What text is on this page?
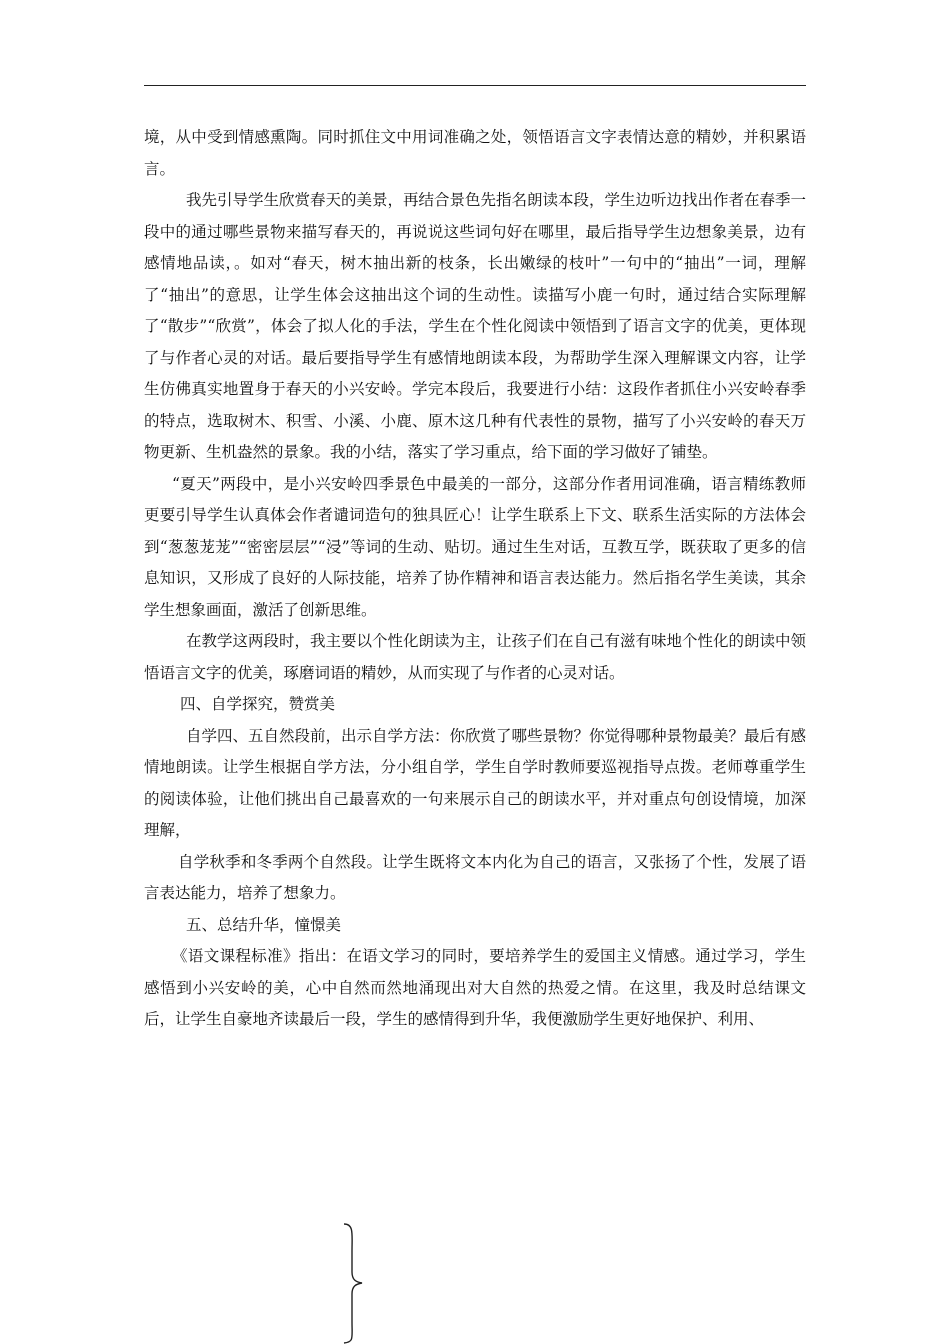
境，从中受到情感熏陶。同时抓住文中用词准确之处，领悟语言文字表情达意的精妙，并积累语言。

我先引导学生欣赏春天的美景，再结合景色先指名朗读本段，学生边听边找出作者在春季一段中的通过哪些景物来描写春天的，再说说这些词句好在哪里，最后指导学生边想象美景，边有感情地品读，。如对“春天，树木抽出新的枝条，长出嫩绿的枝叶”一句中的“抽出”一词，理解了“抽出”的意思，让学生体会这抽出这个词的生动性。读描写小鹿一句时，通过结合实际理解了“散步”“欣赏”，体会了拟人化的手法，学生在个性化阅读中领悟到了语言文字的优美，更体现了与作者心灵的对话。最后要指导学生有感情地朗读本段，为帮助学生深入理解课文内容，让学生仿佛真实地置身于春天的小兴安岭。学完本段后，我要进行小结：这段作者抓住小兴安岭春季的特点，选取树木、积雪、小溪、小鹿、原木这几种有代表性的景物，描写了小兴安岭的春天万物更新、生机盎然的景象。我的小结，落实了学习重点，给下面的学习做好了铺垫。

“夏天”两段中，是小兴安岭四季景色中最美的一部分，这部分作者用词准确，语言精练教师更要引导学生认真体会作者谴词造句的独具匠心！让学生联系上下文、联系生活实际的方法体会到“葱葱茏茏”“密密层层”“浸”等词的生动、贴切。通过生生对话，互教互学，既获取了更多的信息知识，又形成了良好的人际技能，培养了协作精神和语言表达能力。然后指名学生美读，其余学生想象画面，激活了创新思维。

在教学这两段时，我主要以个性化朗读为主，让孩子们在自己有滋有味地个性化的朗读中领悟语言文字的优美，琢磨词语的精妙，从而实现了与作者的心灵对话。

四、自学探究，赞赏美

自学四、五自然段前，出示自学方法：你欣赏了哪些景物？你觉得哪种景物最美？最后有感情地朗读。让学生根据自学方法，分小组自学，学生自学时教师要巡视指导点拨。老师尊重学生的阅读体验，让他们挑出自己最喜欢的一句来展示自己的朗读水平，并对重点句创设情境，加深理解，

自学秋季和冬季两个自然段。让学生既将文本内化为自己的语言，又张扬了个性，发展了语言表达能力，培养了想象力。

五、总结升华，憧憬美

《语文课程标准》指出：在语文学习的同时，要培养学生的爱国主义情感。通过学习，学生感悟到小兴安岭的美，心中自然而然地涌现出对大自然的热爱之情。在这里，我及时总结课文后，让学生自豪地齐读最后一段，学生的感情得到升华，我便激励学生更好地保护、利用、
